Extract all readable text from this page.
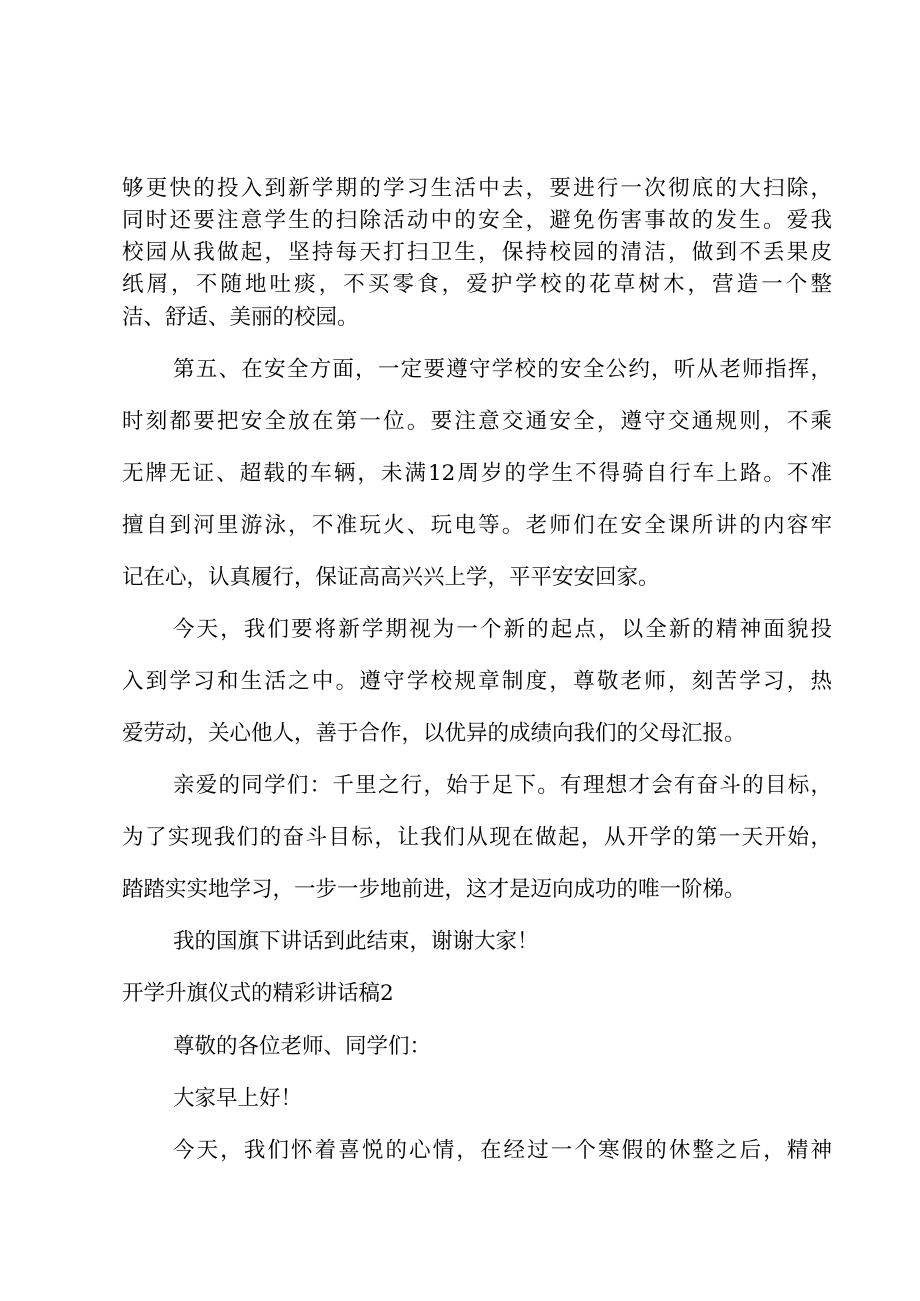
够更快的投入到新学期的学习生活中去，要进行一次彻底的大扫除，
同时还要注意学生的扫除活动中的安全，避免伤害事故的发生。爱我
校园从我做起，坚持每天打扫卫生，保持校园的清洁，做到不丢果皮
纸屑，不随地吐痰，不买零食，爱护学校的花草树木，营造一个整
洁、舒适、美丽的校园。
第五、在安全方面，一定要遵守学校的安全公约，听从老师指挥，
时刻都要把安全放在第一位。要注意交通安全，遵守交通规则，不乘
无牌无证、超载的车辆，未满12周岁的学生不得骑自行车上路。不准
擅自到河里游泳，不准玩火、玩电等。老师们在安全课所讲的内容牢
记在心，认真履行，保证高高兴兴上学，平平安安回家。
今天，我们要将新学期视为一个新的起点，以全新的精神面貌投
入到学习和生活之中。遵守学校规章制度，尊敬老师，刻苦学习，热
爱劳动，关心他人，善于合作，以优异的成绩向我们的父母汇报。
亲爱的同学们：千里之行，始于足下。有理想才会有奋斗的目标，
为了实现我们的奋斗目标，让我们从现在做起，从开学的第一天开始，
踏踏实实地学习，一步一步地前进，这才是迈向成功的唯一阶梯。
我的国旗下讲话到此结束，谢谢大家！
开学升旗仪式的精彩讲话稿2
尊敬的各位老师、同学们：
大家早上好！
今天，我们怀着喜悦的心情，在经过一个寒假的休整之后，精神
